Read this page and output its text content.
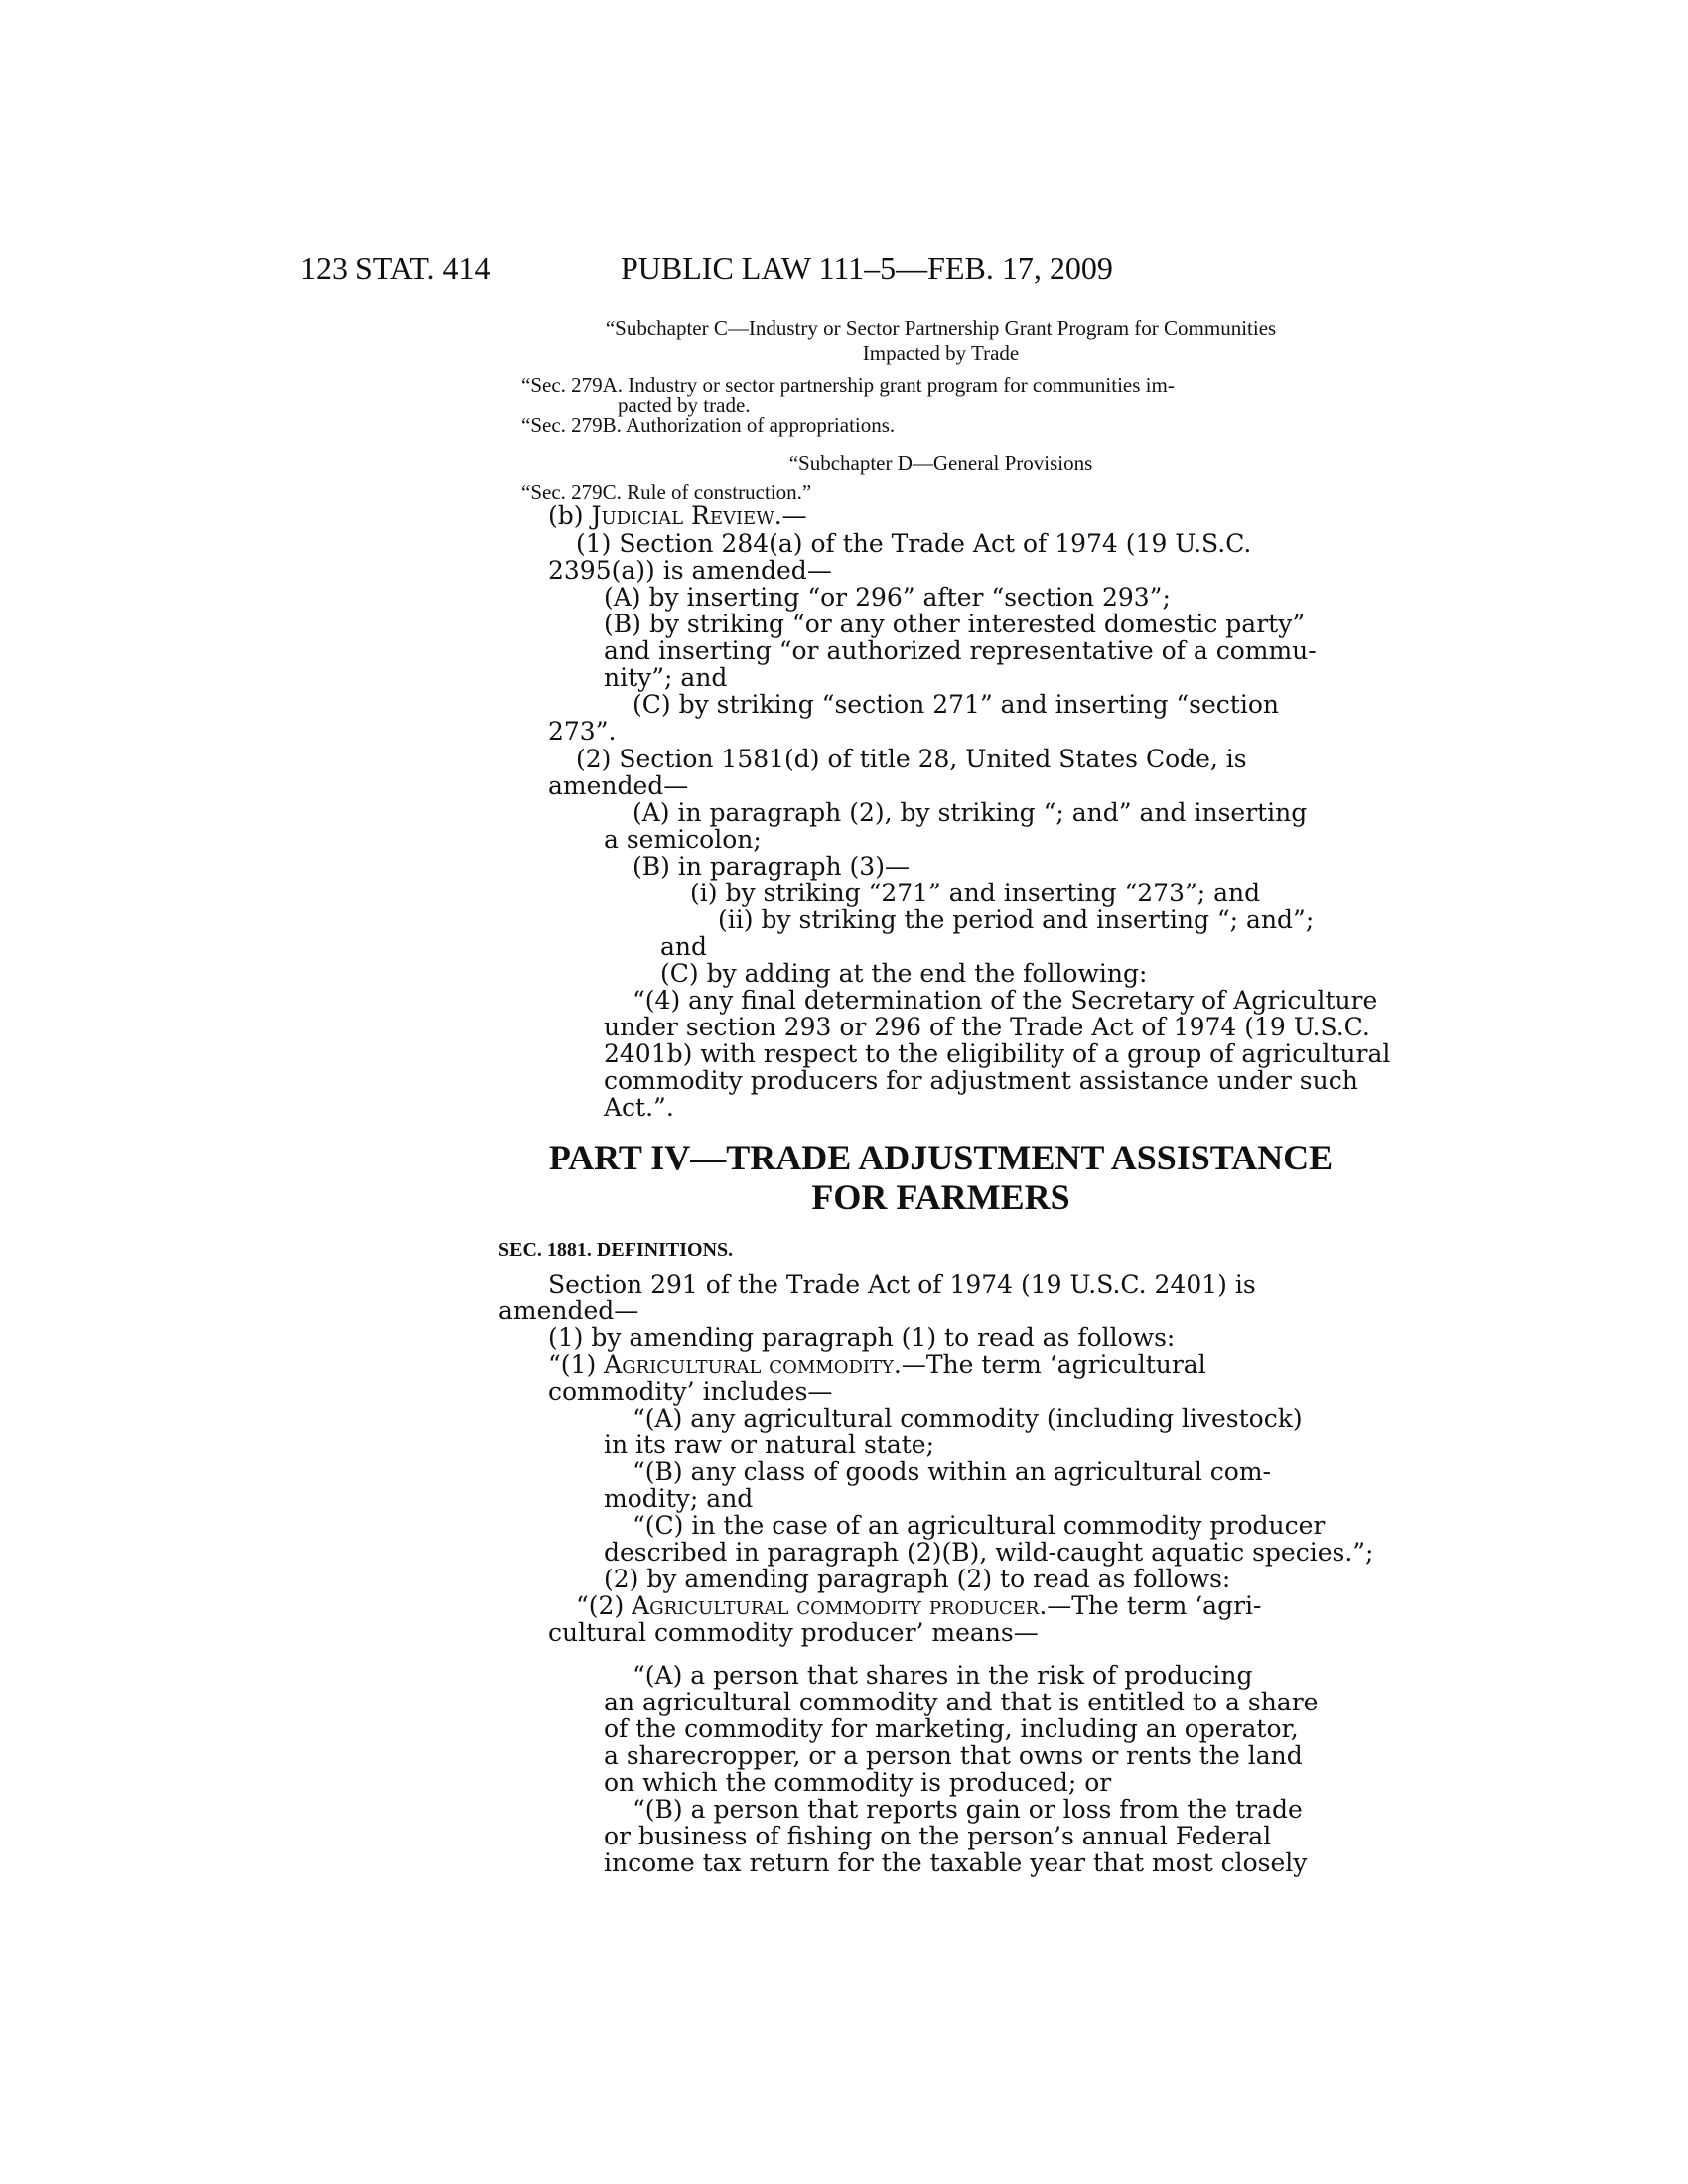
123 STAT. 414	PUBLIC LAW 111–5—FEB. 17, 2009
“Subchapter C—Industry or Sector Partnership Grant Program for Communities
Impacted by Trade
“Sec. 279A. Industry or sector partnership grant program for communities im-
pacted by trade.
“Sec. 279B. Authorization of appropriations.
“Subchapter D—General Provisions
“Sec. 279C. Rule of construction.”
(b) Judicial Review.—
(1) Section 284(a) of the Trade Act of 1974 (19 U.S.C.
2395(a)) is amended—
(A) by inserting “or 296” after “section 293”;
(B) by striking “or any other interested domestic party”
and inserting “or authorized representative of a commu-
nity”; and
(C) by striking “section 271” and inserting “section
273”.
(2) Section 1581(d) of title 28, United States Code, is
amended—
(A) in paragraph (2), by striking “; and” and inserting
a semicolon;
(B) in paragraph (3)—
(i) by striking “271” and inserting “273”; and
(ii) by striking the period and inserting “; and”;
and
(C) by adding at the end the following:
“(4) any final determination of the Secretary of Agriculture
under section 293 or 296 of the Trade Act of 1974 (19 U.S.C.
2401b) with respect to the eligibility of a group of agricultural
commodity producers for adjustment assistance under such
Act.”.
PART IV—TRADE ADJUSTMENT ASSISTANCE
FOR FARMERS
SEC. 1881. DEFINITIONS.
Section 291 of the Trade Act of 1974 (19 U.S.C. 2401) is
amended—
(1) by amending paragraph (1) to read as follows:
“(1) Agricultural commodity.—The term ‘agricultural
commodity’ includes—
“(A) any agricultural commodity (including livestock)
in its raw or natural state;
“(B) any class of goods within an agricultural com-
modity; and
“(C) in the case of an agricultural commodity producer
described in paragraph (2)(B), wild-caught aquatic species.”;
(2) by amending paragraph (2) to read as follows:
“(2) Agricultural commodity producer.—The term ‘agri-
cultural commodity producer’ means—
“(A) a person that shares in the risk of producing
an agricultural commodity and that is entitled to a share
of the commodity for marketing, including an operator,
a sharecropper, or a person that owns or rents the land
on which the commodity is produced; or
“(B) a person that reports gain or loss from the trade
or business of fishing on the person’s annual Federal
income tax return for the taxable year that most closely
